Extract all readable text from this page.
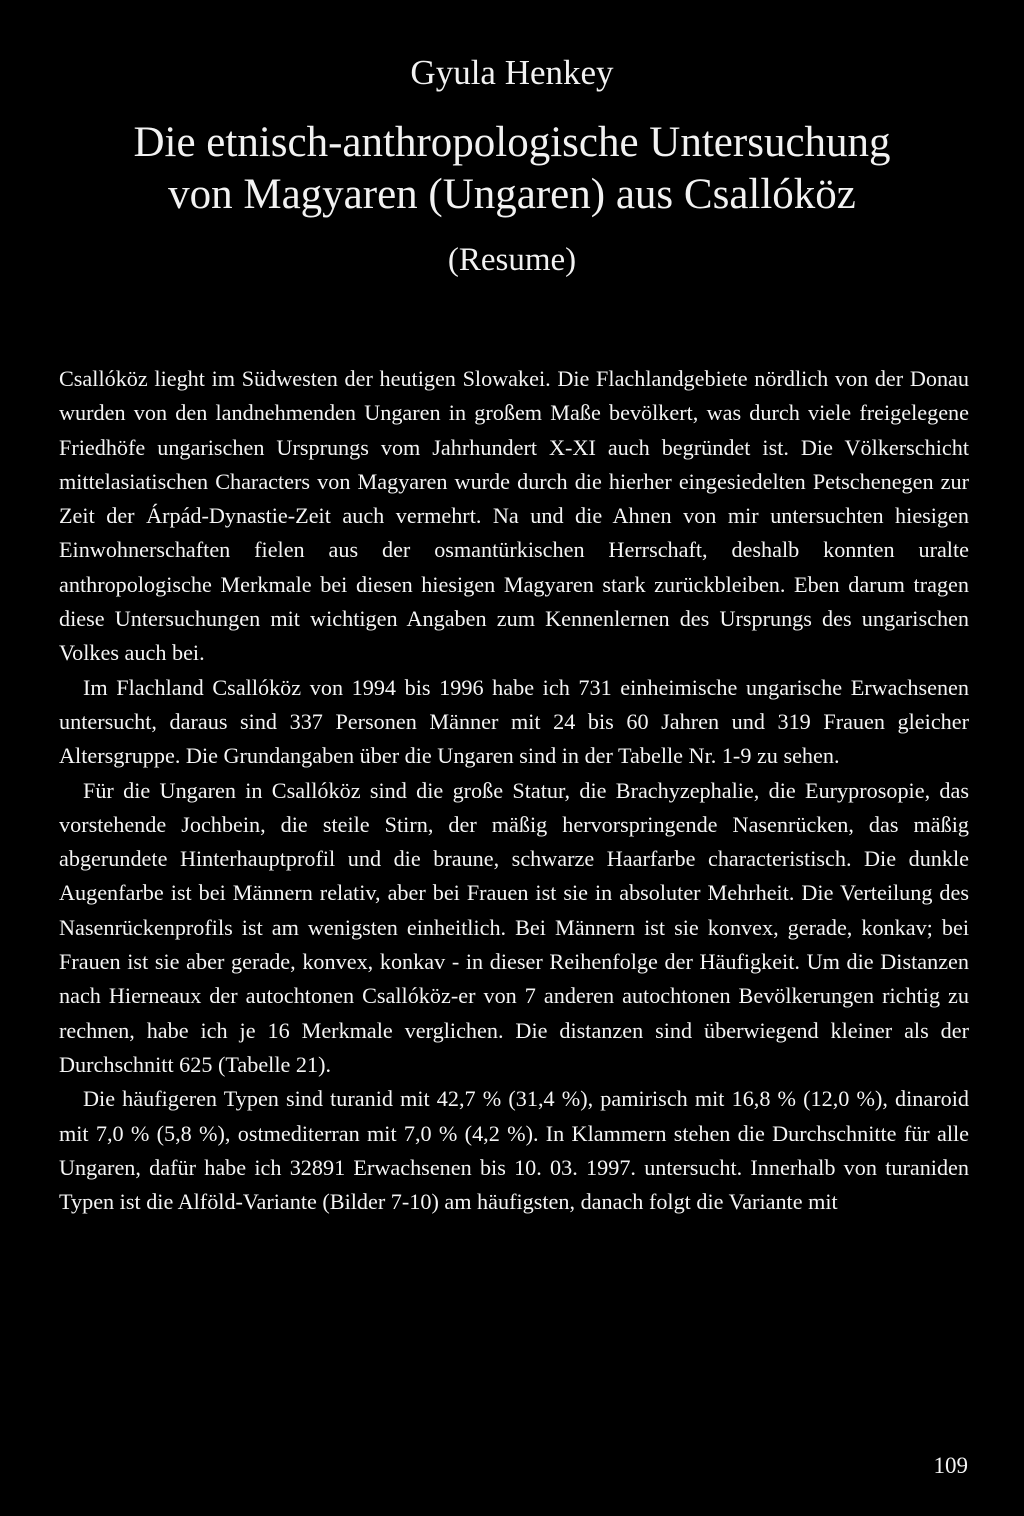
Gyula Henkey
Die etnisch-anthropologische Untersuchung
von Magyaren (Ungaren) aus Csallóköz
(Resume)

Csallóköz lieght im Südwesten der heutigen Slowakei. Die Flachlandgebiete nördlich von der Donau wurden von den landnehmenden Ungaren in großem Maße bevölkert, was durch viele freigelegene Friedhöfe ungarischen Ursprungs vom Jahrhundert X-XI auch begründet ist. Die Völkerschicht mittelasiatischen Characters von Magyaren wurde durch die hierher eingesiedelten Petschenegen zur Zeit der Árpád-Dynastie-Zeit auch vermehrt. Na und die Ahnen von mir untersuchten hiesigen Einwohnerschaften fielen aus der osmantürkischen Herrschaft, deshalb konnten uralte anthropologische Merkmale bei diesen hiesigen Magyaren stark zurückbleiben. Eben darum tragen diese Untersuchungen mit wichtigen Angaben zum Kennenlernen des Ursprungs des ungarischen Volkes auch bei.

Im Flachland Csallóköz von 1994 bis 1996 habe ich 731 einheimische ungarische Erwachsenen untersucht, daraus sind 337 Personen Männer mit 24 bis 60 Jahren und 319 Frauen gleicher Altersgruppe. Die Grundangaben über die Ungaren sind in der Tabelle Nr. 1-9 zu sehen.

Für die Ungaren in Csallóköz sind die große Statur, die Brachyzephalie, die Euryprosopie, das vorstehende Jochbein, die steile Stirn, der mäßig hervorspringende Nasenrücken, das mäßig abgerundete Hinterhauptprofil und die braune, schwarze Haarfarbe characteristisch. Die dunkle Augenfarbe ist bei Männern relativ, aber bei Frauen ist sie in absoluter Mehrheit. Die Verteilung des Nasenrückenprofils ist am wenigsten einheitlich. Bei Männern ist sie konvex, gerade, konkav; bei Frauen ist sie aber gerade, konvex, konkav - in dieser Reihenfolge der Häufigkeit. Um die Distanzen nach Hierneaux der autochtonen Csallóköz-er von 7 anderen autochtonen Bevölkerungen richtig zu rechnen, habe ich je 16 Merkmale verglichen. Die distanzen sind überwiegend kleiner als der Durchschnitt 625 (Tabelle 21).

Die häufigeren Typen sind turanid mit 42,7 % (31,4 %), pamirisch mit 16,8 % (12,0 %), dinaroid mit 7,0 % (5,8 %), ostmediterran mit 7,0 % (4,2 %). In Klammern stehen die Durchschnitte für alle Ungaren, dafür habe ich 32891 Erwachsenen bis 10. 03. 1997. untersucht. Innerhalb von turaniden Typen ist die Alföld-Variante (Bilder 7-10) am häufigsten, danach folgt die Variante mit

109
